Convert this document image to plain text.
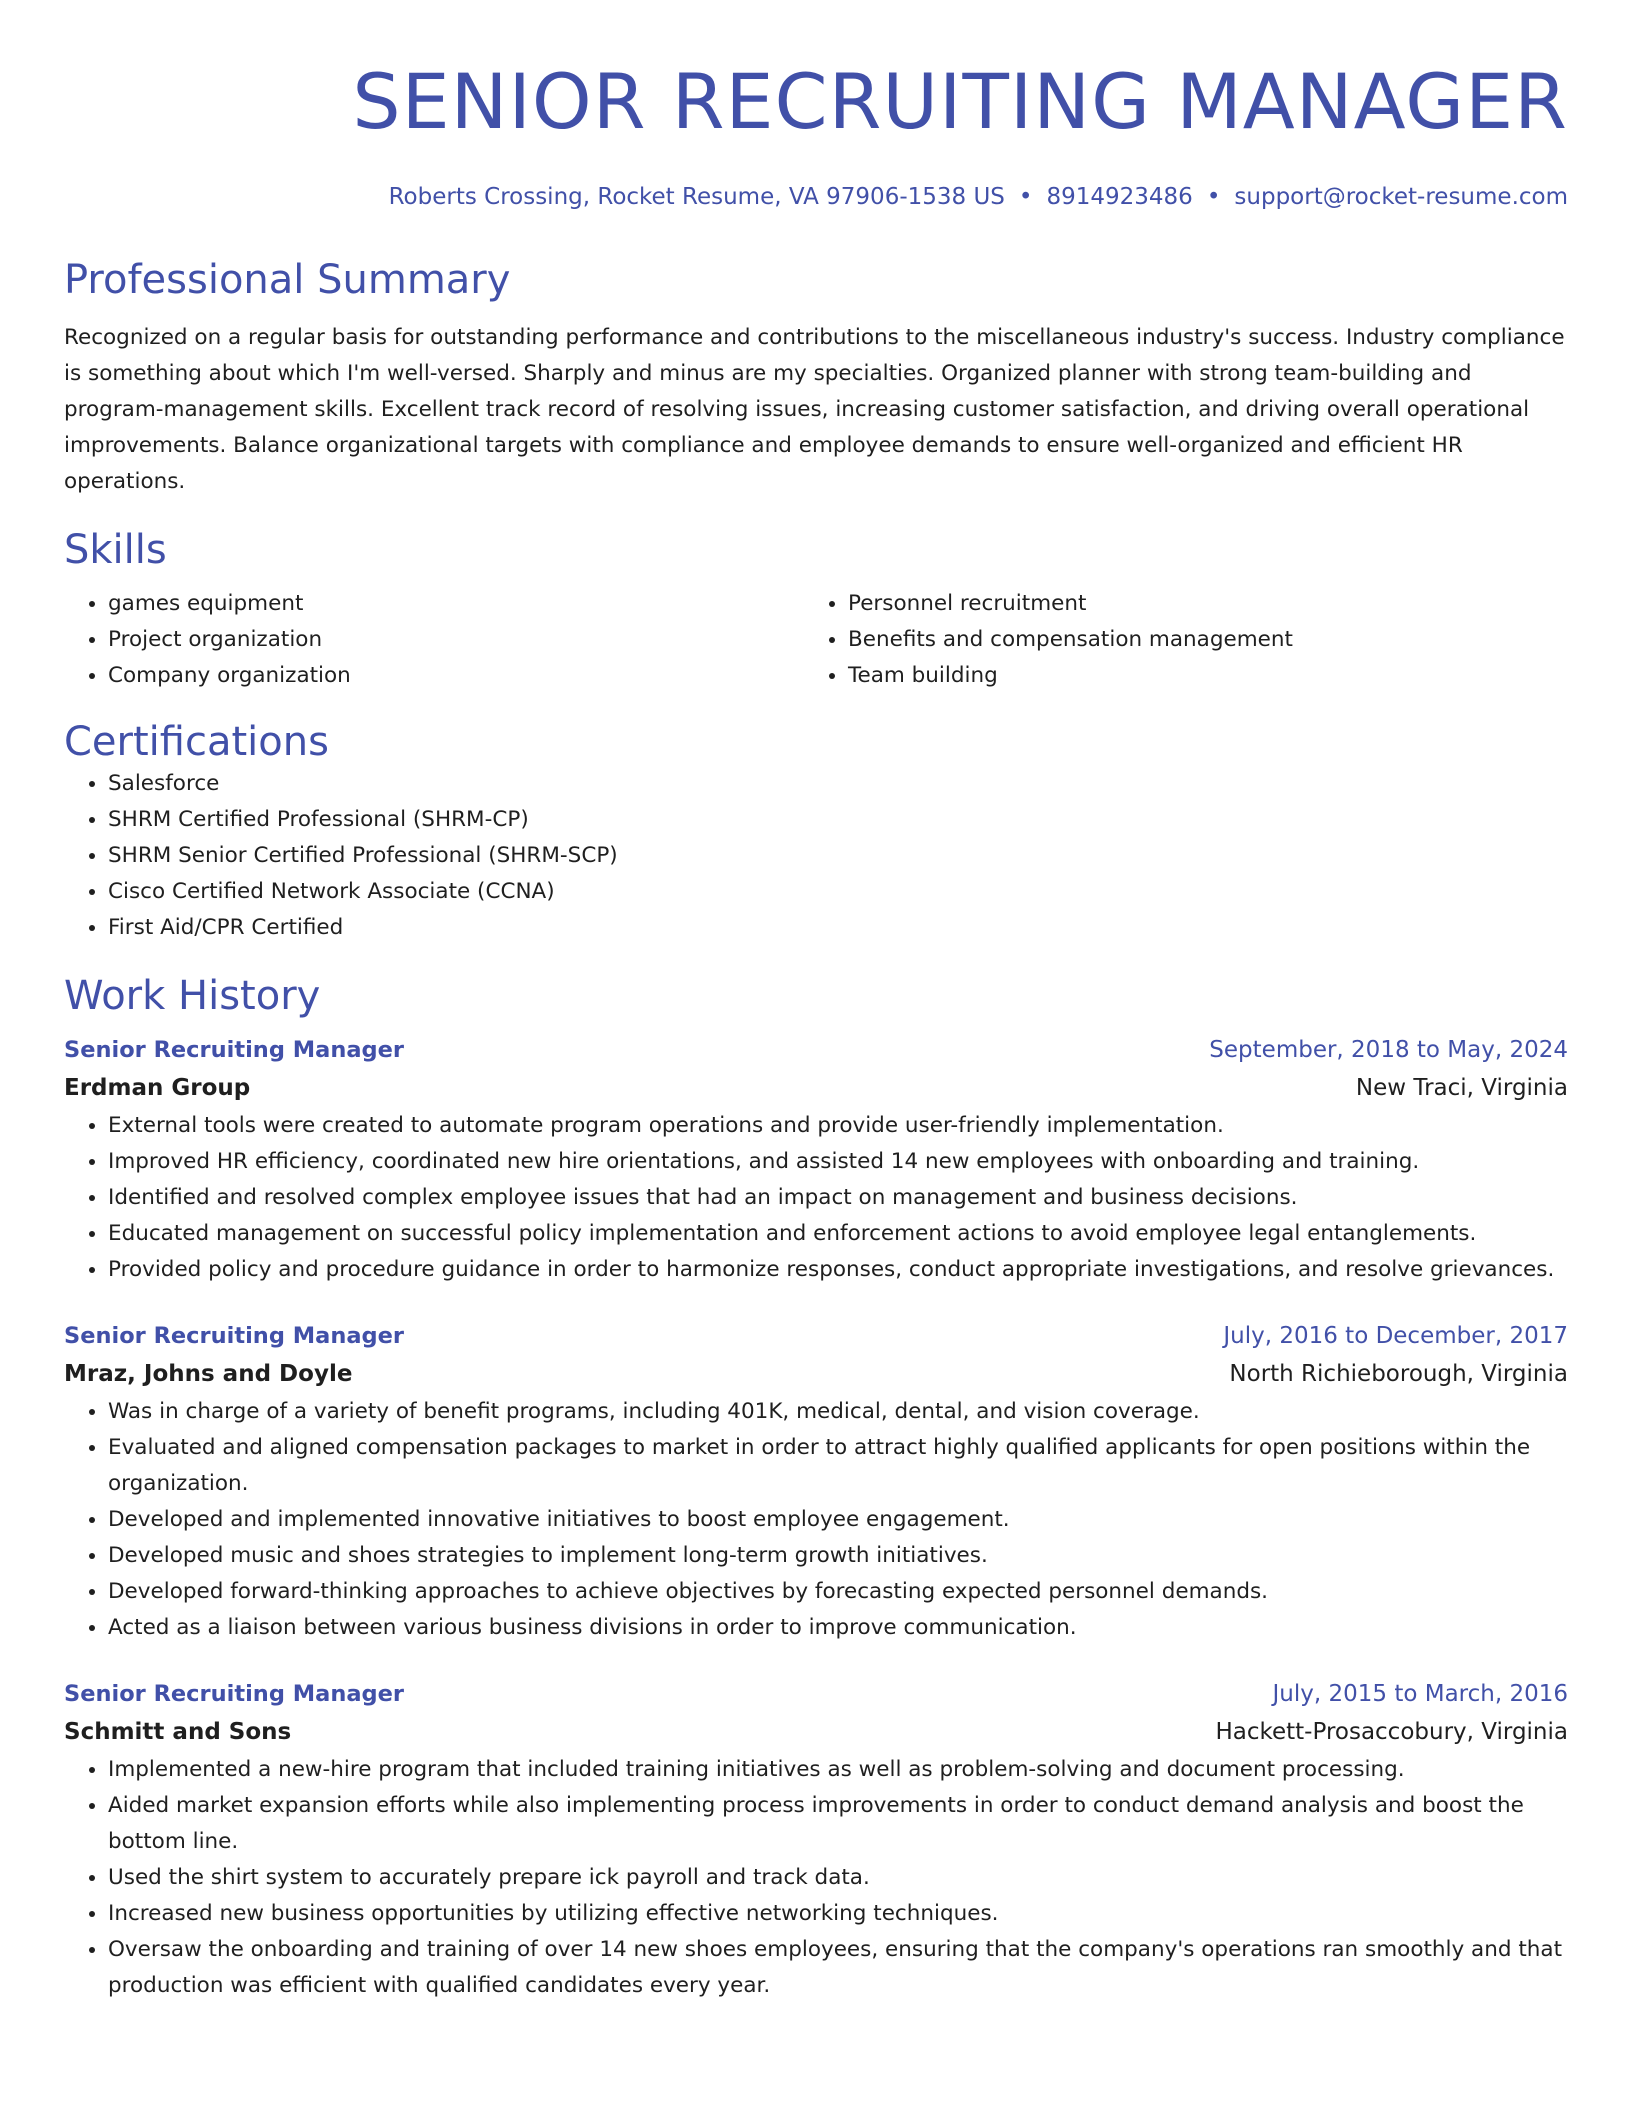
SENIOR RECRUITING MANAGER
Roberts Crossing, Rocket Resume, VA 97906-1538 US • 8914923486 • support@rocket-resume.com
Professional Summary
Recognized on a regular basis for outstanding performance and contributions to the miscellaneous industry's success. Industry compliance is something about which I'm well-versed. Sharply and minus are my specialties. Organized planner with strong team-building and program-management skills. Excellent track record of resolving issues, increasing customer satisfaction, and driving overall operational improvements. Balance organizational targets with compliance and employee demands to ensure well-organized and efficient HR operations.
Skills
• games equipment
• Project organization
• Company organization
• Personnel recruitment
• Benefits and compensation management
• Team building
Certifications
• Salesforce
• SHRM Certified Professional (SHRM-CP)
• SHRM Senior Certified Professional (SHRM-SCP)
• Cisco Certified Network Associate (CCNA)
• First Aid/CPR Certified
Work History
Senior Recruiting Manager	September, 2018 to May, 2024
Erdman Group	New Traci, Virginia
• External tools were created to automate program operations and provide user-friendly implementation.
• Improved HR efficiency, coordinated new hire orientations, and assisted 14 new employees with onboarding and training.
• Identified and resolved complex employee issues that had an impact on management and business decisions.
• Educated management on successful policy implementation and enforcement actions to avoid employee legal entanglements.
• Provided policy and procedure guidance in order to harmonize responses, conduct appropriate investigations, and resolve grievances.
Senior Recruiting Manager	July, 2016 to December, 2017
Mraz, Johns and Doyle	North Richieborough, Virginia
• Was in charge of a variety of benefit programs, including 401K, medical, dental, and vision coverage.
• Evaluated and aligned compensation packages to market in order to attract highly qualified applicants for open positions within the organization.
• Developed and implemented innovative initiatives to boost employee engagement.
• Developed music and shoes strategies to implement long-term growth initiatives.
• Developed forward-thinking approaches to achieve objectives by forecasting expected personnel demands.
• Acted as a liaison between various business divisions in order to improve communication.
Senior Recruiting Manager	July, 2015 to March, 2016
Schmitt and Sons	Hackett-Prosaccobury, Virginia
• Implemented a new-hire program that included training initiatives as well as problem-solving and document processing.
• Aided market expansion efforts while also implementing process improvements in order to conduct demand analysis and boost the bottom line.
• Used the shirt system to accurately prepare ick payroll and track data.
• Increased new business opportunities by utilizing effective networking techniques.
• Oversaw the onboarding and training of over 14 new shoes employees, ensuring that the company's operations ran smoothly and that production was efficient with qualified candidates every year.
